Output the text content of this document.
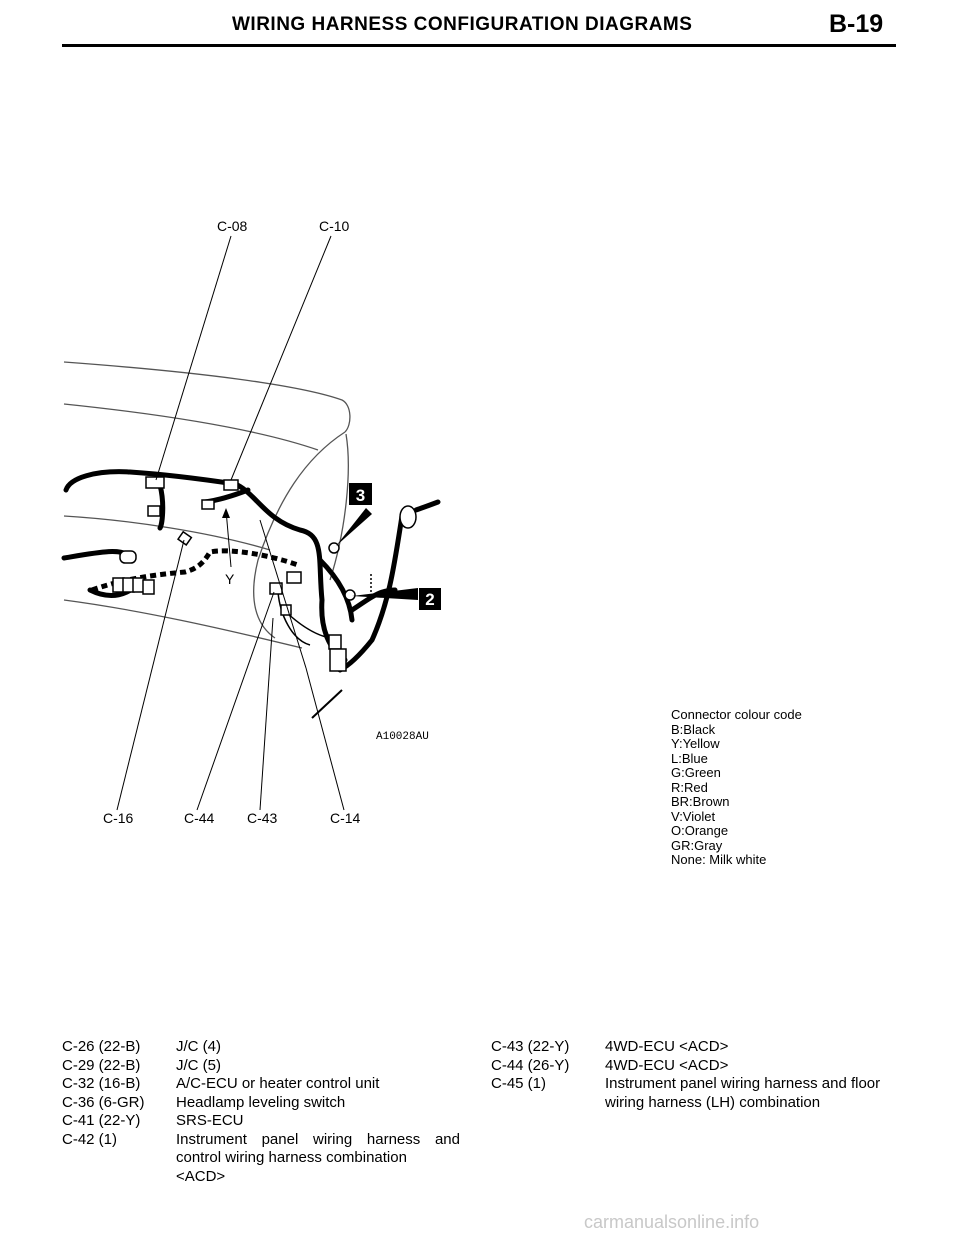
WIRING HARNESS CONFIGURATION DIAGRAMS	B-19
3
2
C-08	C-10
C-16	C-44 C-43	C-14
Y
A10028AU
Connector colour code
B:Black
Y:Yellow
L:Blue
G:Green
R:Red
BR:Brown
V:Violet
O:Orange
GR:Gray
None: Milk white
C-26 (22-B)	J/C (4)
C-29 (22-B)	J/C (5)
C-32 (16-B)	A/C-ECU or heater control unit
C-36 (6-GR)	Headlamp leveling switch
C-41 (22-Y)	SRS-ECU
C-42 (1)	Instrument panel wiring harness and
control wiring harness combination
<ACD>
C-43 (22-Y)	4WD-ECU <ACD>
C-44 (26-Y)	4WD-ECU <ACD>
C-45 (1)	Instrument panel wiring harness and floor
wiring harness (LH) combination
carmanualsonline.info
